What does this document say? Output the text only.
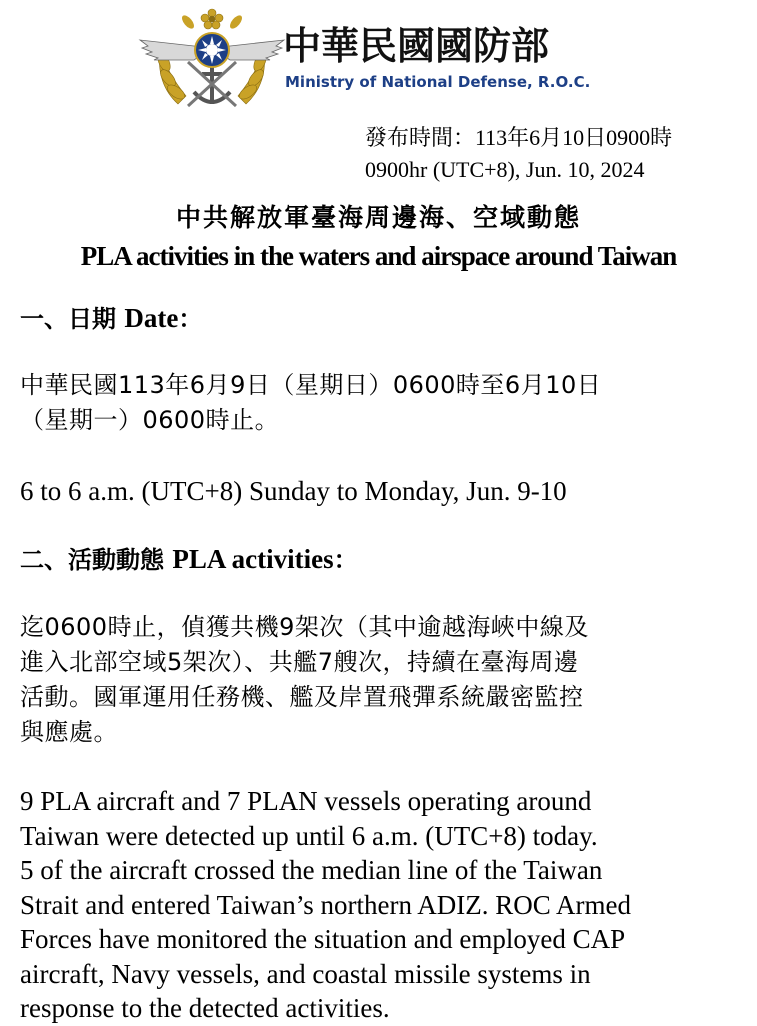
中華民國國防部
Ministry of National Defense, R.O.C.
發布時間：113年6月10日0900時
0900hr (UTC+8), Jun. 10, 2024
中共解放軍臺海周邊海、空域動態
PLA activities in the waters and airspace around Taiwan
一、日期 Date：
中華民國113年6月9日（星期日）0600時至6月10日
（星期一）0600時止。
6 to 6 a.m. (UTC+8) Sunday to Monday, Jun. 9-10
二、活動動態 PLA activities：
迄0600時止，偵獲共機9架次（其中逾越海峽中線及
進入北部空域5架次）、共艦7艘次，持續在臺海周邊
活動。國軍運用任務機、艦及岸置飛彈系統嚴密監控
與應處。
9 PLA aircraft and 7 PLAN vessels operating around
Taiwan were detected up until 6 a.m. (UTC+8) today.
5 of the aircraft crossed the median line of the Taiwan
Strait and entered Taiwan’s northern ADIZ. ROC Armed
Forces have monitored the situation and employed CAP
aircraft, Navy vessels, and coastal missile systems in
response to the detected activities.
